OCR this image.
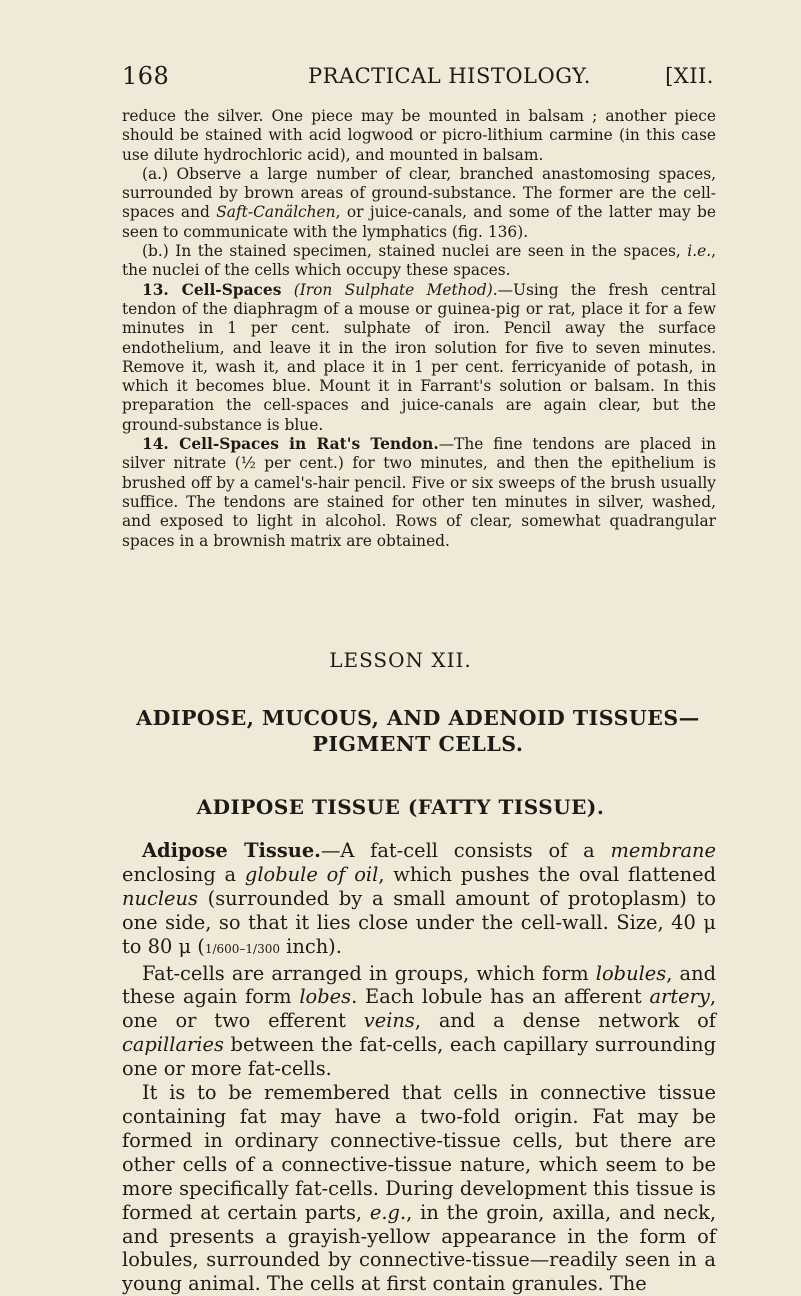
168	PRACTICAL HISTOLOGY.	[XII.

reduce the silver. One piece may be mounted in balsam ; another piece should be stained with acid logwood or picro-lithium carmine (in this case use dilute hydrochloric acid), and mounted in balsam.

(a.) Observe a large number of clear, branched anastomosing spaces, surrounded by brown areas of ground-substance. The former are the cell-spaces and Saft-Canälchen, or juice-canals, and some of the latter may be seen to communicate with the lymphatics (fig. 136).

(b.) In the stained specimen, stained nuclei are seen in the spaces, i.e., the nuclei of the cells which occupy these spaces.

13. Cell-Spaces (Iron Sulphate Method).—Using the fresh central tendon of the diaphragm of a mouse or guinea-pig or rat, place it for a few minutes in 1 per cent. sulphate of iron. Pencil away the surface endothelium, and leave it in the iron solution for five to seven minutes. Remove it, wash it, and place it in 1 per cent. ferricyanide of potash, in which it becomes blue. Mount it in Farrant's solution or balsam. In this preparation the cell-spaces and juice-canals are again clear, but the ground-substance is blue.

14. Cell-Spaces in Rat's Tendon.—The fine tendons are placed in silver nitrate (½ per cent.) for two minutes, and then the epithelium is brushed off by a camel's-hair pencil. Five or six sweeps of the brush usually suffice. The tendons are stained for other ten minutes in silver, washed, and exposed to light in alcohol. Rows of clear, somewhat quadrangular spaces in a brownish matrix are obtained.

LESSON XII.
ADIPOSE, MUCOUS, AND ADENOID TISSUES—PIGMENT CELLS.
ADIPOSE TISSUE (FATTY TISSUE).

Adipose Tissue.—A fat-cell consists of a membrane enclosing a globule of oil, which pushes the oval flattened nucleus (surrounded by a small amount of protoplasm) to one side, so that it lies close under the cell-wall. Size, 40 μ to 80 μ (1/600–1/300 inch).

Fat-cells are arranged in groups, which form lobules, and these again form lobes. Each lobule has an afferent artery, one or two efferent veins, and a dense network of capillaries between the fat-cells, each capillary surrounding one or more fat-cells.

It is to be remembered that cells in connective tissue containing fat may have a two-fold origin. Fat may be formed in ordinary connective-tissue cells, but there are other cells of a connective-tissue nature, which seem to be more specifically fat-cells. During development this tissue is formed at certain parts, e.g., in the groin, axilla, and neck, and presents a grayish-yellow appearance in the form of lobules, surrounded by connective-tissue—readily seen in a young animal. The cells at first contain granules. The
